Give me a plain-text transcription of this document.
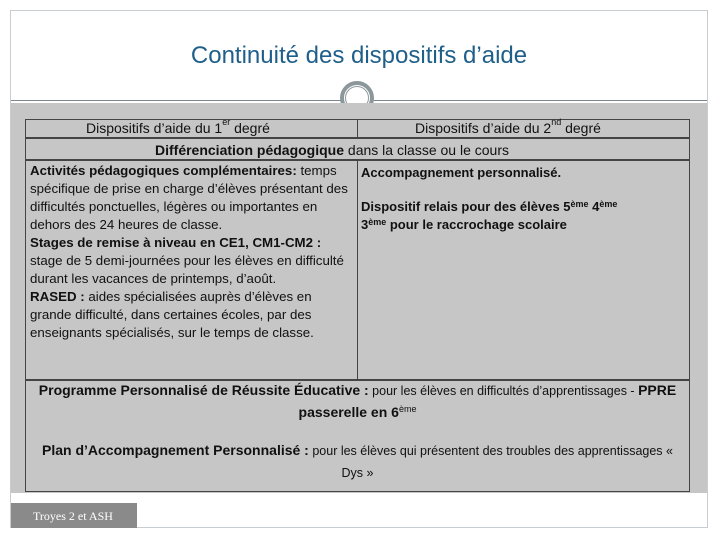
Continuité des dispositifs d’aide
Dispositifs d’aide du 1er degré	Dispositifs d’aide du 2nd degré
Différenciation pédagogique dans la classe ou le cours
Activités pédagogiques complémentaires: temps spécifique de prise en charge d’élèves présentant des difficultés ponctuelles, légères ou importantes en dehors des 24 heures de classe.
Stages de remise à niveau en CE1, CM1-CM2 : stage de 5 demi-journées pour les élèves en difficulté durant les vacances de printemps, d’août.
RASED : aides spécialisées auprès d’élèves en grande difficulté, dans certaines écoles, par des enseignants spécialisés, sur le temps de classe.
Accompagnement personnalisé.
Dispositif relais pour des élèves 5ème 4ème
3ème pour le raccrochage scolaire
Programme Personnalisé de Réussite Éducative : pour les élèves en difficultés d’apprentissages - PPRE passerelle en 6ème
Plan d’Accompagnement Personnalisé : pour les élèves qui présentent des troubles des apprentissages « Dys »
Troyes 2 et ASH
